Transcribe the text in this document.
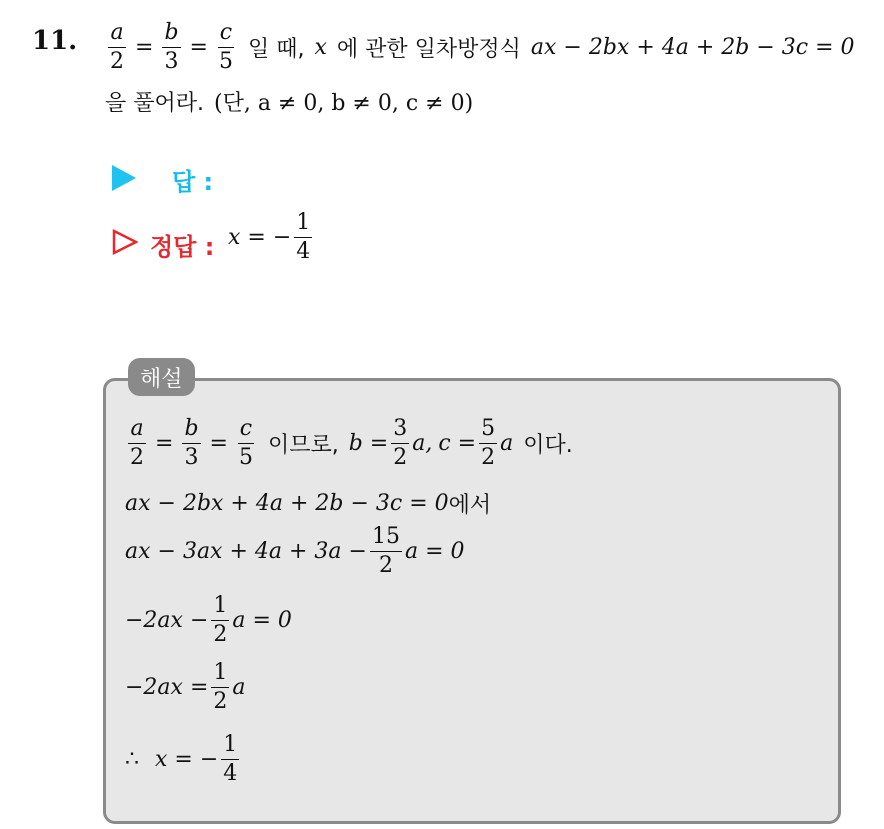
11. $\frac{a}{2} = \frac{b}{3} = \frac{c}{5}$ 일 때, x 에 관한 일차방정식 ax − 2bx + 4a + 2b − 3c = 0
을 풀어라. (단, a ≠ 0, b ≠ 0, c ≠ 0)
답 :
정답 : x = − $\frac{1}{4}$
해설
$\frac{a}{2} = \frac{b}{3} = \frac{c}{5}$ 이므로, $b = \frac{3}{2} a$, $c = \frac{5}{2}$ a 이다.
ax − 2bx + 4a + 2b − 3c = 0 에서
ax − $3ax + 4a + 3a - \frac{15}{2}$ a = 0
$-2ax - \frac{1}{2}$ a = 0
$-2ax = \frac{1}{2}$ a
∴ x = − $\frac{1}{4}$
